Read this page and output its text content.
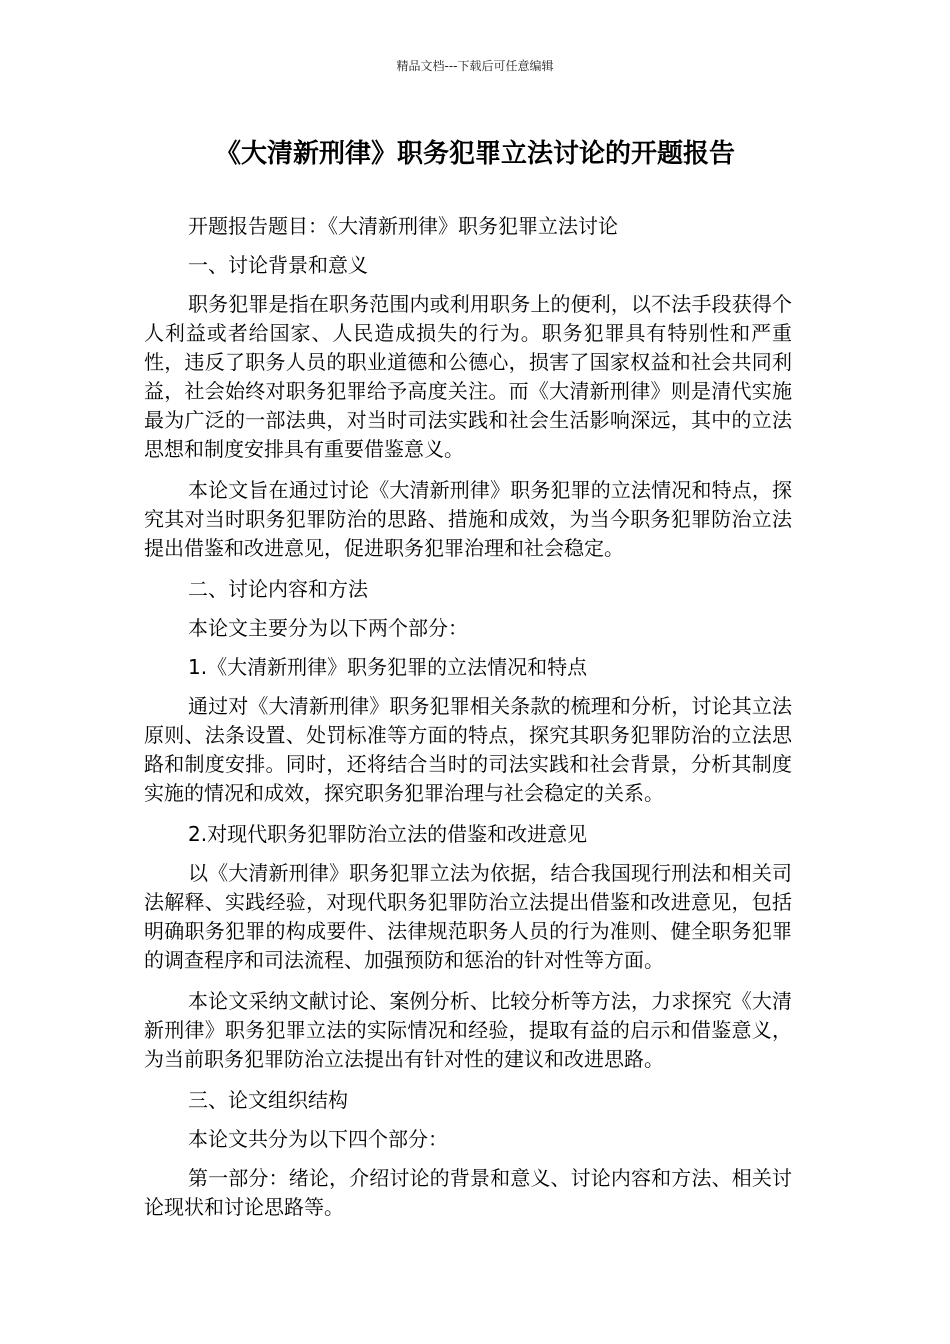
精品文档---下载后可任意编辑
《大清新刑律》职务犯罪立法讨论的开题报告

开题报告题目：《大清新刑律》职务犯罪立法讨论

一、讨论背景和意义

职务犯罪是指在职务范围内或利用职务上的便利，以不法手段获得个人利益或者给国家、人民造成损失的行为。职务犯罪具有特别性和严重性，违反了职务人员的职业道德和公德心，损害了国家权益和社会共同利益，社会始终对职务犯罪给予高度关注。而《大清新刑律》则是清代实施最为广泛的一部法典，对当时司法实践和社会生活影响深远，其中的立法思想和制度安排具有重要借鉴意义。

本论文旨在通过讨论《大清新刑律》职务犯罪的立法情况和特点，探究其对当时职务犯罪防治的思路、措施和成效，为当今职务犯罪防治立法提出借鉴和改进意见，促进职务犯罪治理和社会稳定。

二、讨论内容和方法

本论文主要分为以下两个部分：

1.《大清新刑律》职务犯罪的立法情况和特点

通过对《大清新刑律》职务犯罪相关条款的梳理和分析，讨论其立法原则、法条设置、处罚标准等方面的特点，探究其职务犯罪防治的立法思路和制度安排。同时，还将结合当时的司法实践和社会背景，分析其制度实施的情况和成效，探究职务犯罪治理与社会稳定的关系。

2.对现代职务犯罪防治立法的借鉴和改进意见

以《大清新刑律》职务犯罪立法为依据，结合我国现行刑法和相关司法解释、实践经验，对现代职务犯罪防治立法提出借鉴和改进意见，包括明确职务犯罪的构成要件、法律规范职务人员的行为准则、健全职务犯罪的调查程序和司法流程、加强预防和惩治的针对性等方面。

本论文采纳文献讨论、案例分析、比较分析等方法，力求探究《大清新刑律》职务犯罪立法的实际情况和经验，提取有益的启示和借鉴意义，为当前职务犯罪防治立法提出有针对性的建议和改进思路。

三、论文组织结构

本论文共分为以下四个部分：

第一部分：绪论，介绍讨论的背景和意义、讨论内容和方法、相关讨论现状和讨论思路等。
